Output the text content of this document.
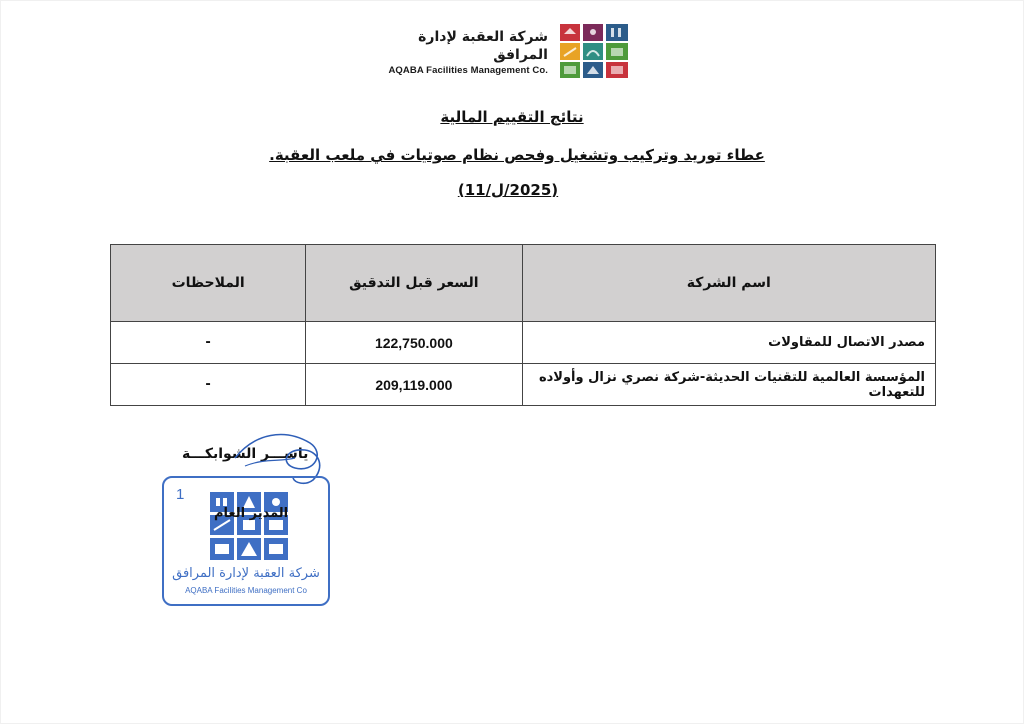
شركة العقبة لإدارة المرافق
AQABA Facilities Management Co.
نتائج التقييم المالية
عطاء توريد وتركيب وتشغيل وفحص نظام صوتيات في ملعب العقبة.
(2025/ل/11)
اسم الشركة	السعر قبل التدقيق	الملاحظات
مصدر الاتصال للمقاولات	122,750.000	-
المؤسسة العالمية للتقنيات الحديثة-شركة نصري نزال وأولاده للتعهدات	209,119.000	-
ياســـر الشوابكـــة
1
شركة العقبة لإدارة المرافق
AQABA Facilities Management Co
المدير العام
